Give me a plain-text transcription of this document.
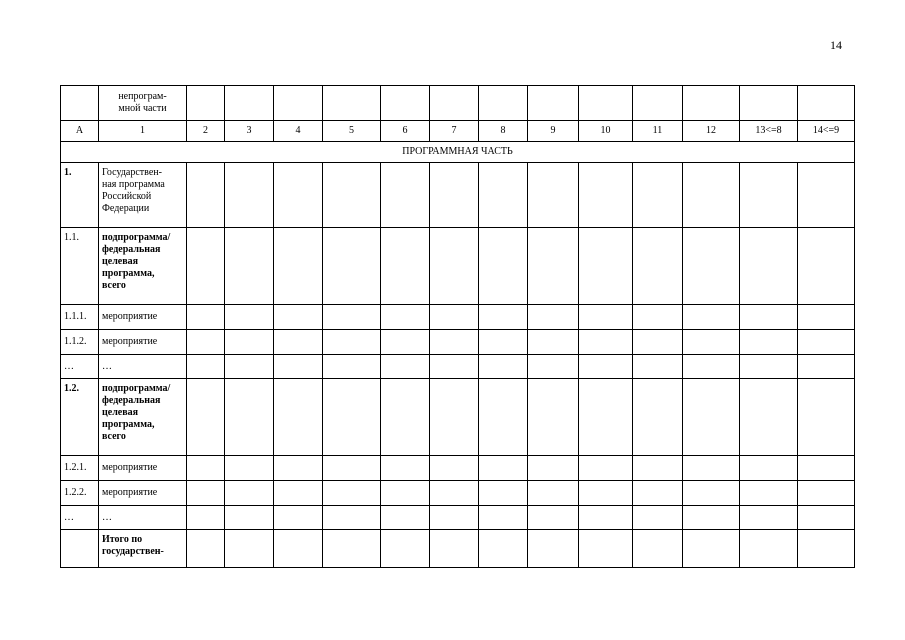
14
	непрограм-
мной части													
А	1	2	3	4	5	6	7	8	9	10	11	12	13<=8	14<=9
ПРОГРАММНАЯ ЧАСТЬ														
1.	Государствен-
ная программа
Российской
Федерации													
1.1.	подпрограмма/
федеральная
целевая
программа,
всего													
1.1.1.	мероприятие													
1.1.2.	мероприятие													
…	…													
1.2.	подпрограмма/
федеральная
целевая
программа,
всего													
1.2.1.	мероприятие													
1.2.2.	мероприятие													
…	…													
	Итого по
государствен-													
